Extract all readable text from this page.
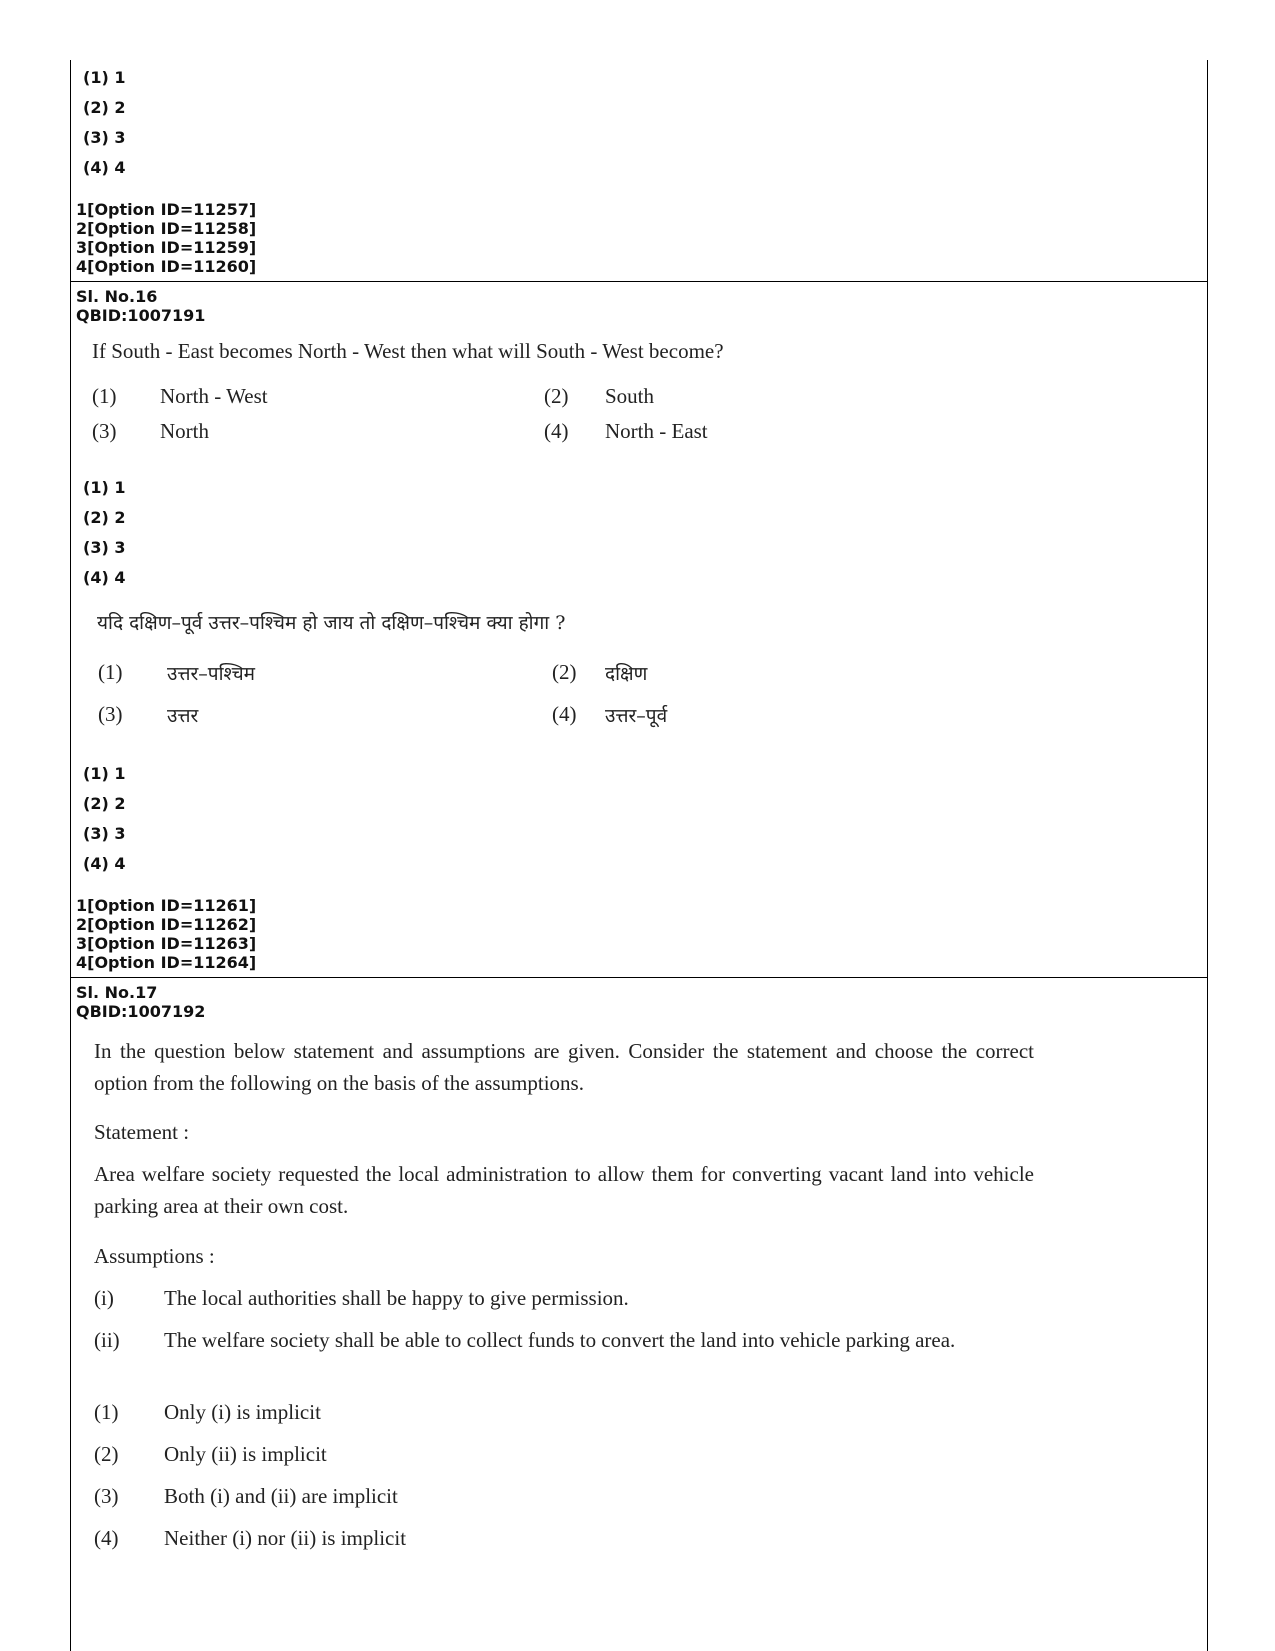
(1) 1
(2) 2
(3) 3
(4) 4
1[Option ID=11257]
2[Option ID=11258]
3[Option ID=11259]
4[Option ID=11260]
Sl. No.16
QBID:1007191
If South - East becomes North - West then what will South - West become?
(1) North - West	(2) South
(3) North	(4) North - East
(1) 1
(2) 2
(3) 3
(4) 4
यदि दक्षिण–पूर्व उत्तर–पश्चिम हो जाय तो दक्षिण–पश्चिम क्या होगा ?
(1) उत्तर–पश्चिम	(2) दक्षिण
(3) उत्तर	(4) उत्तर–पूर्व
(1) 1
(2) 2
(3) 3
(4) 4
1[Option ID=11261]
2[Option ID=11262]
3[Option ID=11263]
4[Option ID=11264]
Sl. No.17
QBID:1007192
In the question below statement and assumptions are given. Consider the statement and choose the correct option from the following on the basis of the assumptions.
Statement :
Area welfare society requested the local administration to allow them for converting vacant land into vehicle parking area at their own cost.
Assumptions :
(i) The local authorities shall be happy to give permission.
(ii) The welfare society shall be able to collect funds to convert the land into vehicle parking area.
(1) Only (i) is implicit
(2) Only (ii) is implicit
(3) Both (i) and (ii) are implicit
(4) Neither (i) nor (ii) is implicit
